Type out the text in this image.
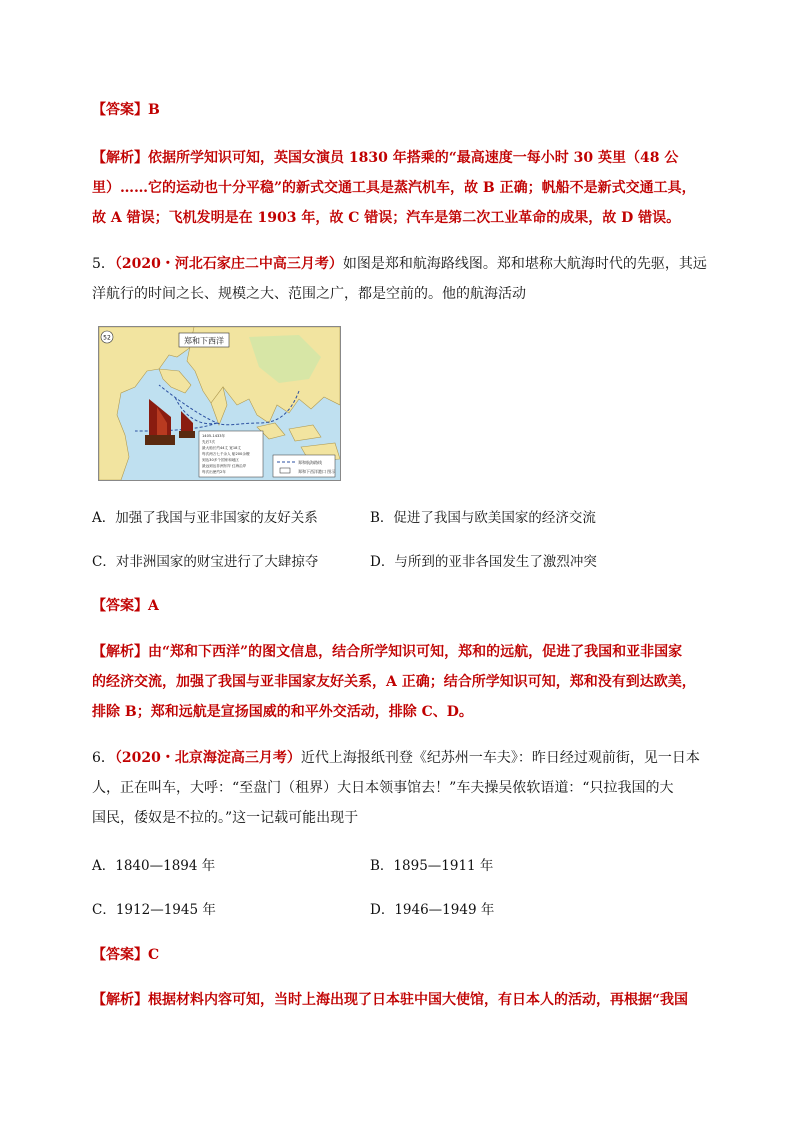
【答案】B
【解析】依据所学知识可知，英国女演员 1830 年搭乘的“最高速度一每小时 30 英里（48 公
里）……它的运动也十分平稳”的新式交通工具是蒸汽机车，故 B 正确；帆船不是新式交通工具，
故 A 错误；飞机发明是在 1903 年，故 C 错误；汽车是第二次工业革命的成果，故 D 错误。
5．（2020・河北石家庄二中高三月考）如图是郑和航海路线图。郑和堪称大航海时代的先驱，其远
洋航行的时间之长、规模之大、范围之广，都是空前的。他的航海活动
郑和下西洋
52
1405-1433年
先后7次
最大船长约44丈 宽18丈
每次两万七千余人 船200余艘
到达30多个国家和地区
最远到达非洲东岸 红海沿岸
每次出使约2年
郑和航海路线
郑和下西洋港口 图示
A．加强了我国与亚非国家的友好关系	B．促进了我国与欧美国家的经济交流
C．对非洲国家的财宝进行了大肆掠夺	D．与所到的亚非各国发生了激烈冲突
【答案】A
【解析】由“郑和下西洋”的图文信息，结合所学知识可知，郑和的远航，促进了我国和亚非国家
的经济交流，加强了我国与亚非国家友好关系，A 正确；结合所学知识可知，郑和没有到达欧美，
排除 B；郑和远航是宣扬国威的和平外交活动，排除 C、D。
6．（2020・北京海淀高三月考）近代上海报纸刊登《纪苏州一车夫》：昨日经过观前街，见一日本
人，正在叫车，大呼：“至盘门（租界）大日本领事馆去！”车夫操吴侬软语道：“只拉我国的大
国民，倭奴是不拉的。”这一记载可能出现于
A．1840—1894 年	B．1895—1911 年
C．1912—1945 年	D．1946—1949 年
【答案】C
【解析】根据材料内容可知，当时上海出现了日本驻中国大使馆，有日本人的活动，再根据“我国
